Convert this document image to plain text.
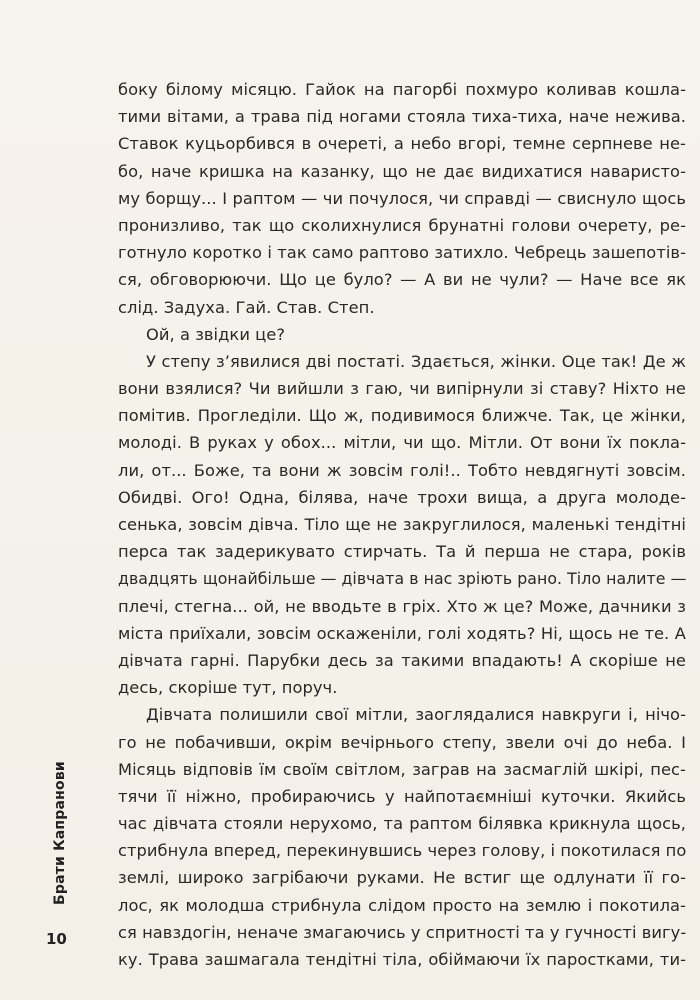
боку білому місяцю. Гайок на пагорбі похмуро коливав кошла-
тими вітами, а трава під ногами стояла тиха-тиха, наче нежива.
Ставок куцьорбився в очереті, а небо вгорі, темне серпневе не-
бо, наче кришка на казанку, що не дає видихатися наваристо-
му борщу... І раптом — чи почулося, чи справді — свиснуло щось
пронизливо, так що сколихнулися брунатні голови очерету, ре-
готнуло коротко і так само раптово затихло. Чебрець зашепотів-
ся, обговорюючи. Що це було? — А ви не чули? — Наче все як
слід. Задуха. Гай. Став. Степ.
Ой, а звідки це?
У степу з’явилися дві постаті. Здається, жінки. Оце так! Де ж
вони взялися? Чи вийшли з гаю, чи випірнули зі ставу? Ніхто не
помітив. Прогледіли. Що ж, подивимося ближче. Так, це жінки,
молоді. В руках у обох... мітли, чи що. Мітли. От вони їх покла-
ли, от... Боже, та вони ж зовсім голі!.. Тобто невдягнуті зовсім.
Обидві. Ого! Одна, білява, наче трохи вища, а друга молоде-
сенька, зовсім дівча. Тіло ще не закруглилося, маленькі тендітні
перса так задерикувато стирчать. Та й перша не стара, років
двадцять щонайбільше — дівчата в нас зріють рано. Тіло налите —
плечі, стегна... ой, не вводьте в гріх. Хто ж це? Може, дачники з
міста приїхали, зовсім оскаженіли, голі ходять? Ні, щось не те. А
дівчата гарні. Парубки десь за такими впадають! А скоріше не
десь, скоріше тут, поруч.
Дівчата полишили свої мітли, заоглядалися навкруги і, нічо-
го не побачивши, окрім вечірнього степу, звели очі до неба. І
Місяць відповів їм своїм світлом, заграв на засмаглій шкірі, пес-
тячи її ніжно, пробираючись у найпотаємніші куточки. Якийсь
час дівчата стояли нерухомо, та раптом білявка крикнула щось,
стрибнула вперед, перекинувшись через голову, і покотилася по
землі, широко загрібаючи руками. Не встиг ще одлунати її го-
лос, як молодша стрибнула слідом просто на землю і покотила-
ся навздогін, неначе змагаючись у спритності та у гучності вигу-
ку. Трава зашмагала тендітні тіла, обіймаючи їх паростками, ти-
Брати Капранови
10
